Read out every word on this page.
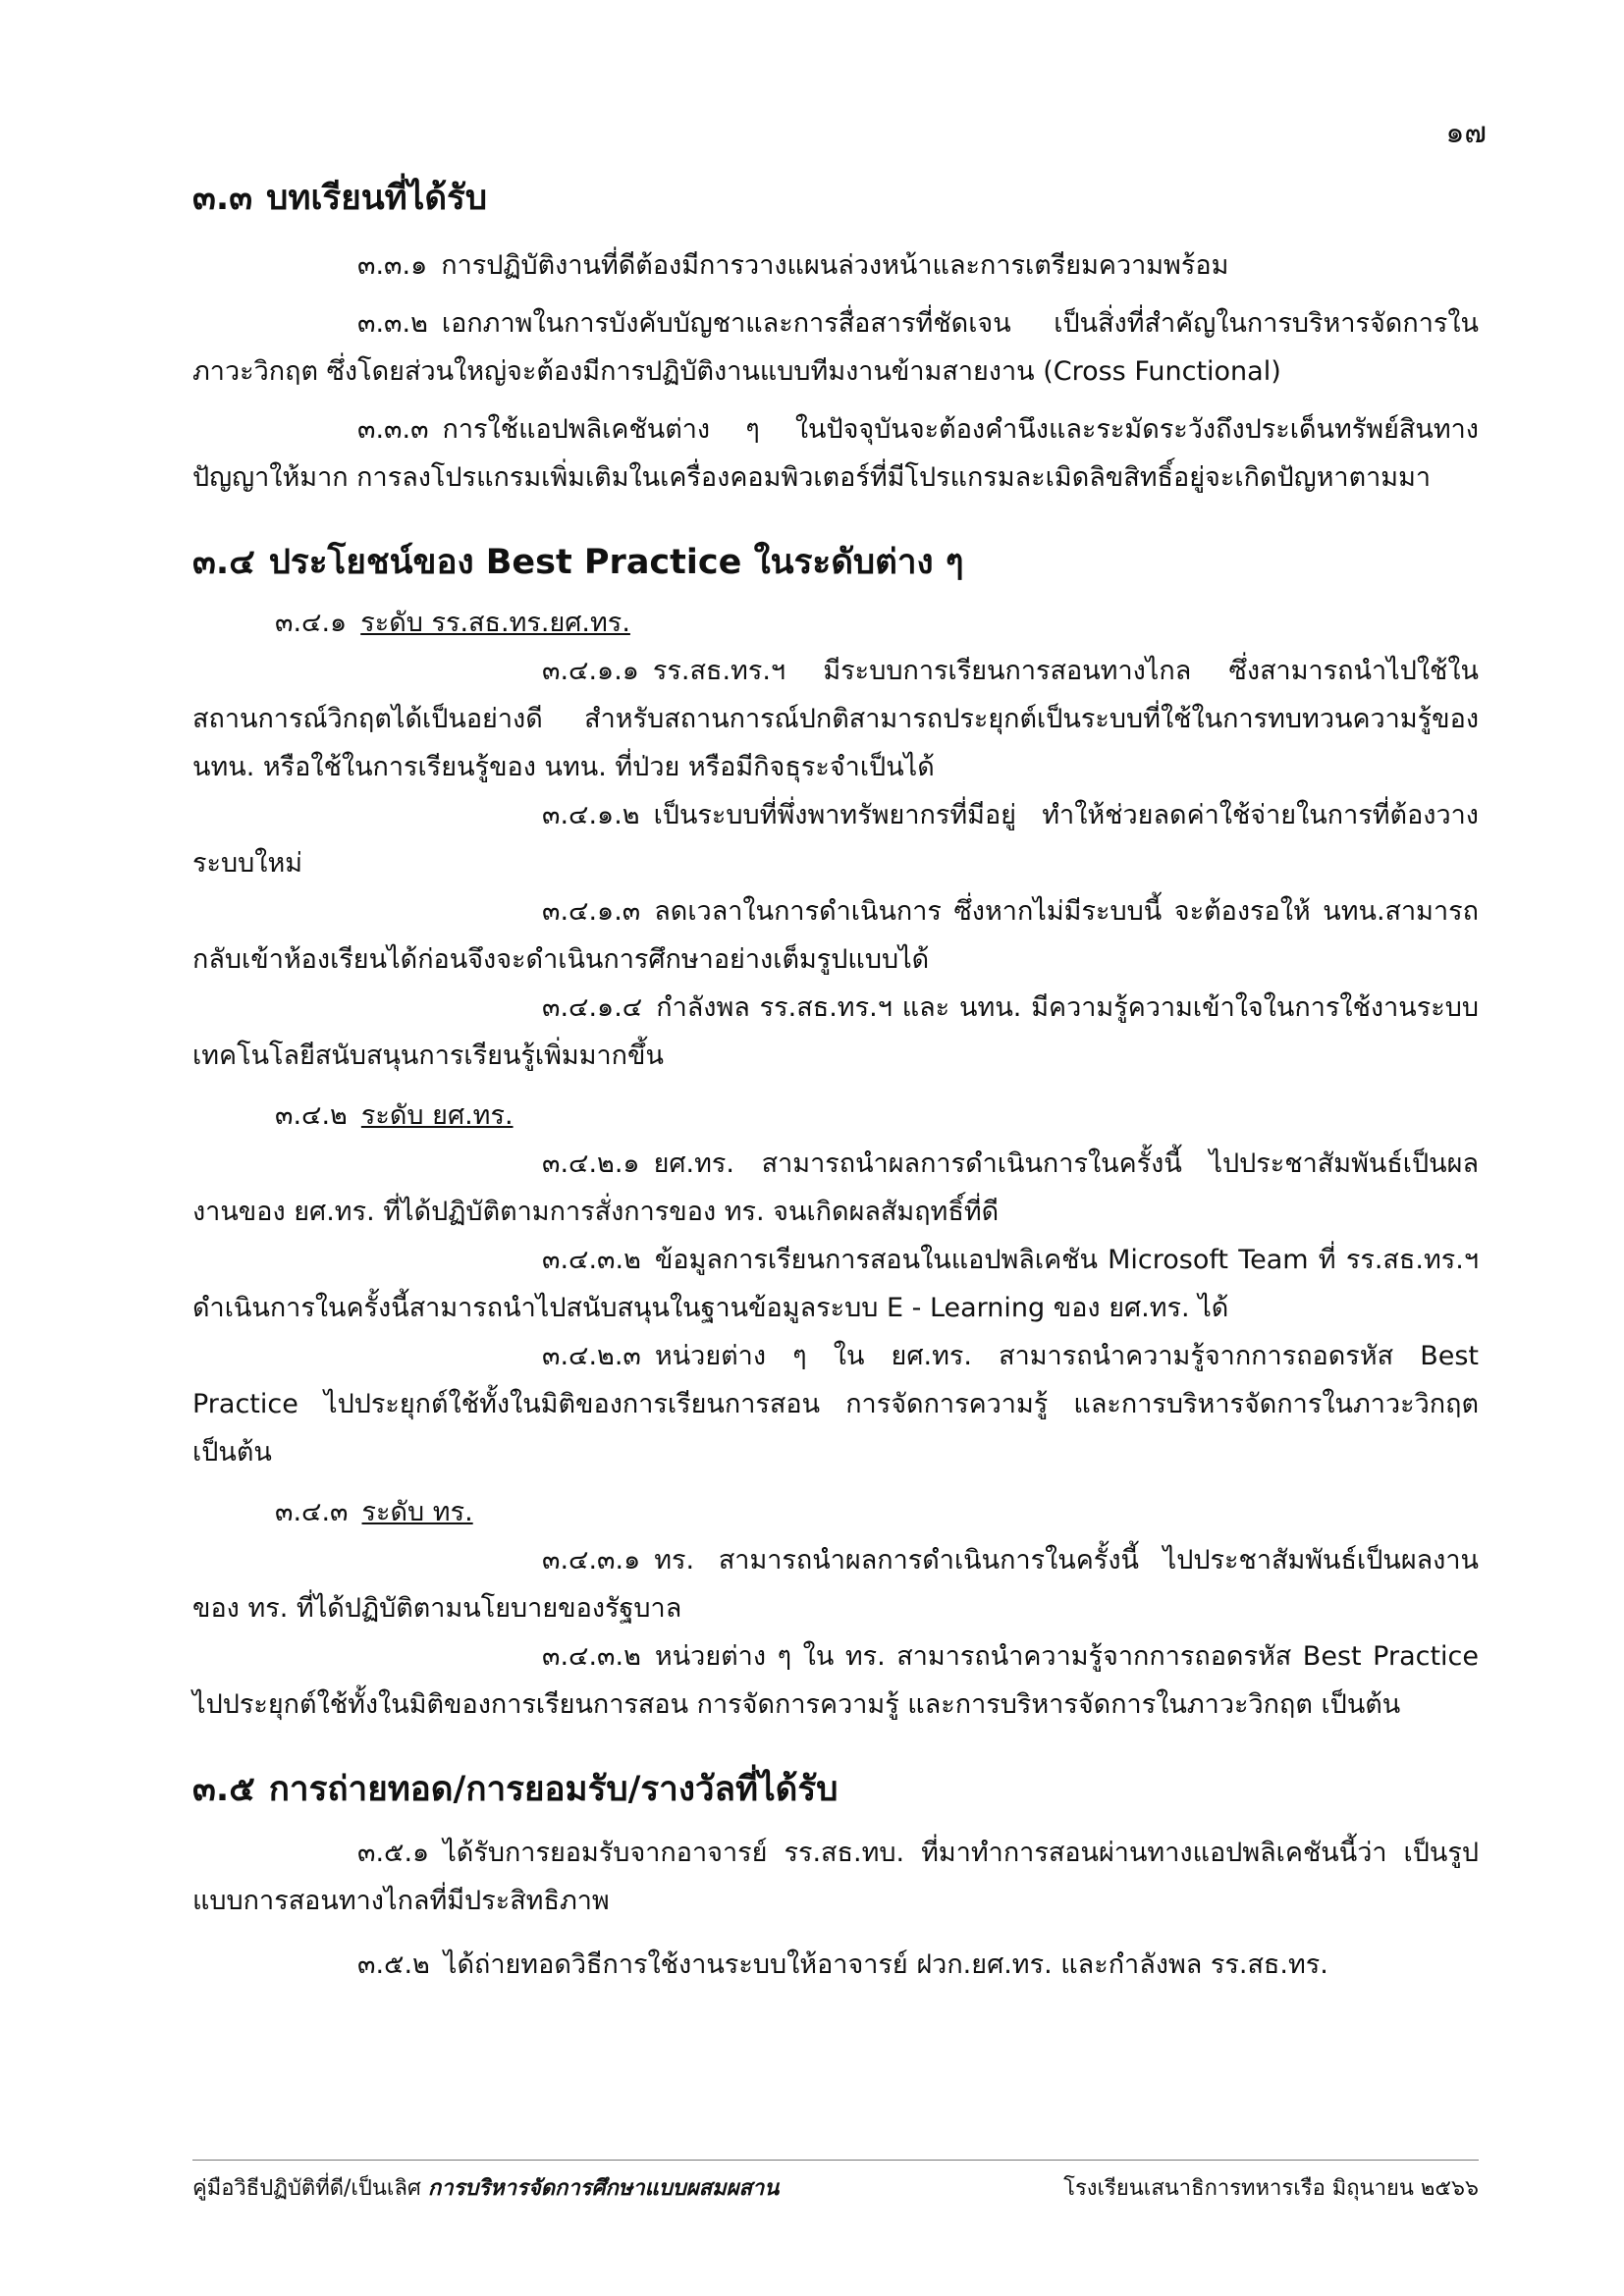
๑๗
๓.๓ บทเรียนที่ได้รับ

๓.๓.๑ การปฏิบัติงานที่ดีต้องมีการวางแผนล่วงหน้าและการเตรียมความพร้อม

๓.๓.๒ เอกภาพในการบังคับบัญชาและการสื่อสารที่ชัดเจน เป็นสิ่งที่สำคัญในการบริหารจัดการในภาวะวิกฤต ซึ่งโดยส่วนใหญ่จะต้องมีการปฏิบัติงานแบบทีมงานข้ามสายงาน (Cross Functional)

๓.๓.๓ การใช้แอปพลิเคชันต่าง ๆ ในปัจจุบันจะต้องคำนึงและระมัดระวังถึงประเด็นทรัพย์สินทางปัญญาให้มาก การลงโปรแกรมเพิ่มเติมในเครื่องคอมพิวเตอร์ที่มีโปรแกรมละเมิดลิขสิทธิ์อยู่จะเกิดปัญหาตามมา

๓.๔ ประโยชน์ของ Best Practice ในระดับต่าง ๆ

๓.๔.๑ ระดับ รร.สธ.ทร.ยศ.ทร.

๓.๔.๑.๑ รร.สธ.ทร.ฯ มีระบบการเรียนการสอนทางไกล ซึ่งสามารถนำไปใช้ในสถานการณ์วิกฤตได้เป็นอย่างดี สำหรับสถานการณ์ปกติสามารถประยุกต์เป็นระบบที่ใช้ในการทบทวนความรู้ของ นทน. หรือใช้ในการเรียนรู้ของ นทน. ที่ป่วย หรือมีกิจธุระจำเป็นได้

๓.๔.๑.๒ เป็นระบบที่พึ่งพาทรัพยากรที่มีอยู่ ทำให้ช่วยลดค่าใช้จ่ายในการที่ต้องวางระบบใหม่

๓.๔.๑.๓ ลดเวลาในการดำเนินการ ซึ่งหากไม่มีระบบนี้ จะต้องรอให้ นทน.สามารถกลับเข้าห้องเรียนได้ก่อนจึงจะดำเนินการศึกษาอย่างเต็มรูปแบบได้

๓.๔.๑.๔ กำลังพล รร.สธ.ทร.ฯ และ นทน. มีความรู้ความเข้าใจในการใช้งานระบบเทคโนโลยีสนับสนุนการเรียนรู้เพิ่มมากขึ้น

๓.๔.๒ ระดับ ยศ.ทร.

๓.๔.๒.๑ ยศ.ทร. สามารถนำผลการดำเนินการในครั้งนี้ ไปประชาสัมพันธ์เป็นผลงานของ ยศ.ทร. ที่ได้ปฏิบัติตามการสั่งการของ ทร. จนเกิดผลสัมฤทธิ์ที่ดี

๓.๔.๓.๒ ข้อมูลการเรียนการสอนในแอปพลิเคชัน Microsoft Team ที่ รร.สธ.ทร.ฯ ดำเนินการในครั้งนี้สามารถนำไปสนับสนุนในฐานข้อมูลระบบ E - Learning ของ ยศ.ทร. ได้

๓.๔.๒.๓ หน่วยต่าง ๆ ใน ยศ.ทร. สามารถนำความรู้จากการถอดรหัส Best Practice ไปประยุกต์ใช้ทั้งในมิติของการเรียนการสอน การจัดการความรู้ และการบริหารจัดการในภาวะวิกฤต เป็นต้น

๓.๔.๓ ระดับ ทร.

๓.๔.๓.๑ ทร. สามารถนำผลการดำเนินการในครั้งนี้ ไปประชาสัมพันธ์เป็นผลงานของ ทร. ที่ได้ปฏิบัติตามนโยบายของรัฐบาล

๓.๔.๓.๒ หน่วยต่าง ๆ ใน ทร. สามารถนำความรู้จากการถอดรหัส Best Practice ไปประยุกต์ใช้ทั้งในมิติของการเรียนการสอน การจัดการความรู้ และการบริหารจัดการในภาวะวิกฤต เป็นต้น

๓.๕ การถ่ายทอด/การยอมรับ/รางวัลที่ได้รับ

๓.๕.๑ ได้รับการยอมรับจากอาจารย์ รร.สธ.ทบ. ที่มาทำการสอนผ่านทางแอปพลิเคชันนี้ว่า เป็นรูปแบบการสอนทางไกลที่มีประสิทธิภาพ

๓.๕.๒ ได้ถ่ายทอดวิธีการใช้งานระบบให้อาจารย์ ฝวก.ยศ.ทร. และกำลังพล รร.สธ.ทร.

คู่มือวิธีปฏิบัติที่ดี/เป็นเลิศ การบริหารจัดการศึกษาแบบผสมผสาน	โรงเรียนเสนาธิการทหารเรือ มิถุนายน ๒๕๖๖
